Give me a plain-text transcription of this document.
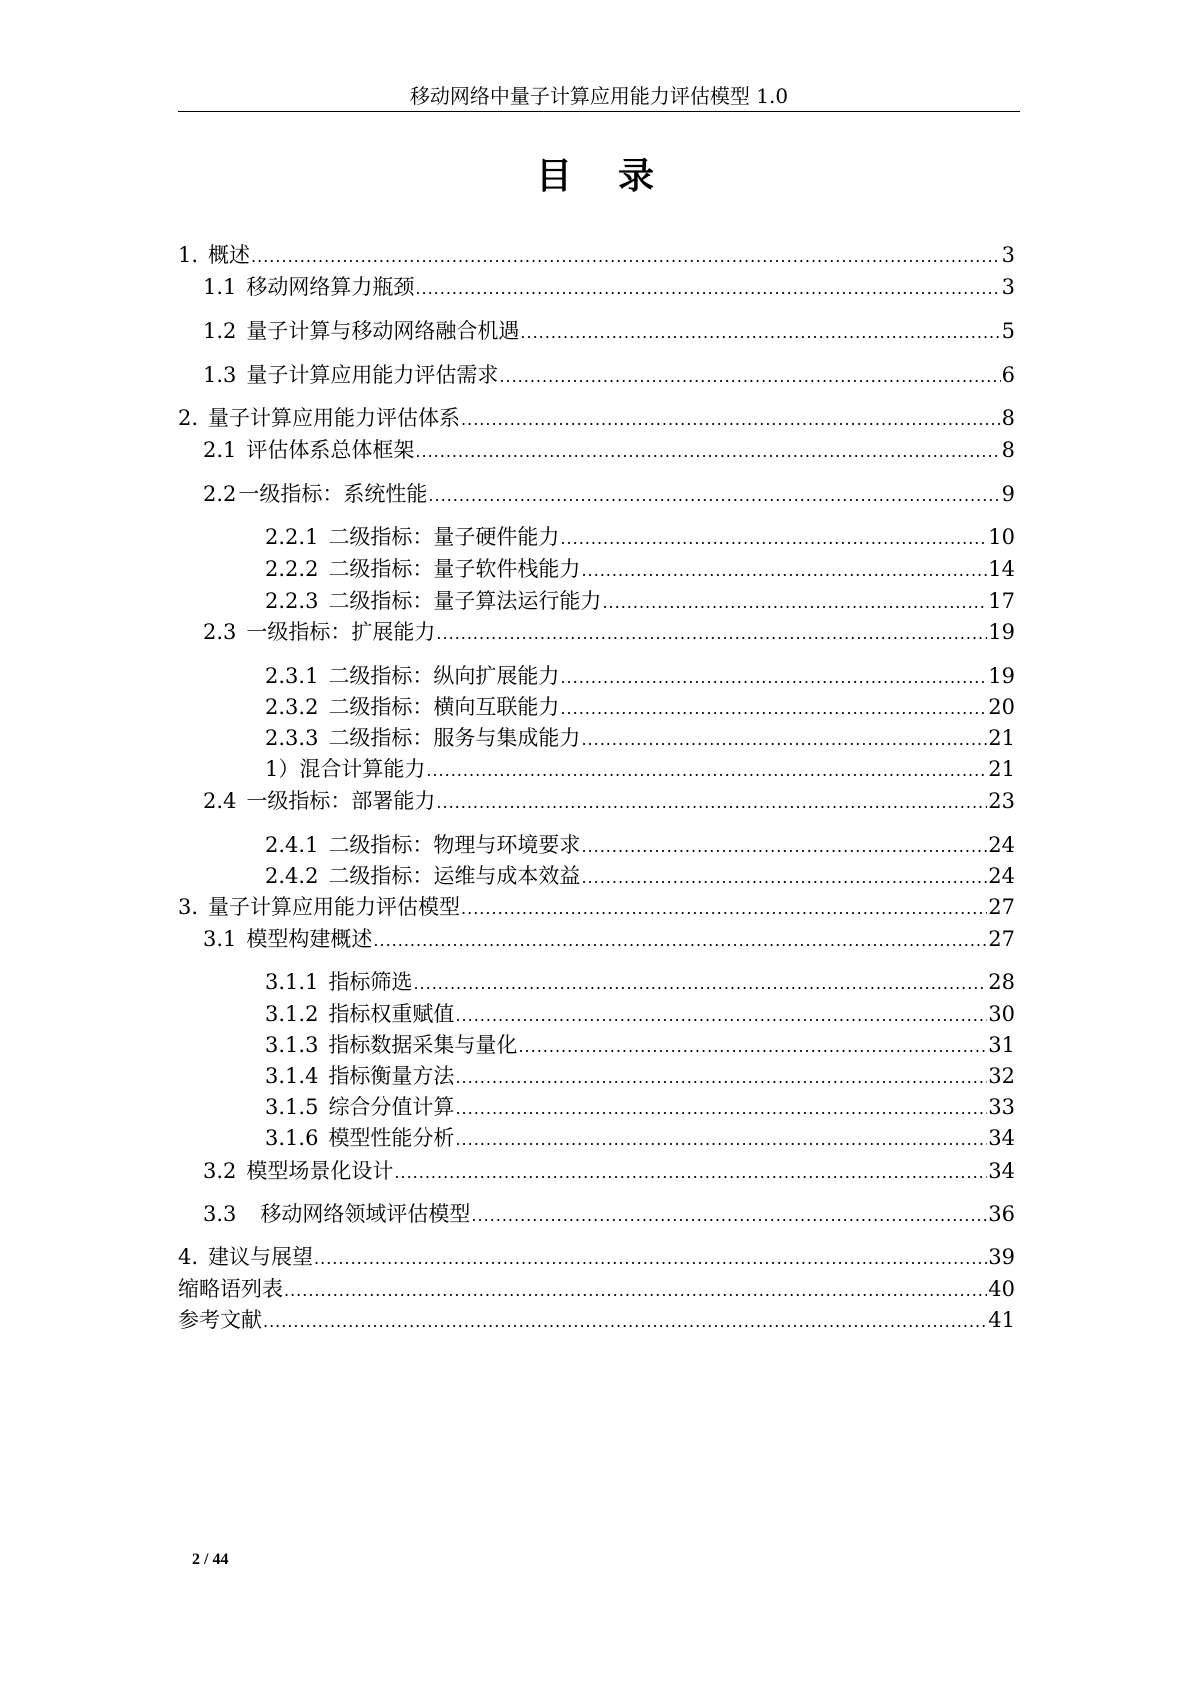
移动网络中量子计算应用能力评估模型 1.0
目 录
1. 概述 .....	3
1.1 移动网络算力瓶颈 .....	3
1.2 量子计算与移动网络融合机遇 .....	5
1.3 量子计算应用能力评估需求 .....	6
2. 量子计算应用能力评估体系 .....	8
2.1 评估体系总体框架 .....	8
2.2一级指标：系统性能 .....	9
2.2.1 二级指标：量子硬件能力 .....	10
2.2.2 二级指标：量子软件栈能力 .....	14
2.2.3 二级指标：量子算法运行能力 .....	17
2.3 一级指标：扩展能力 .....	19
2.3.1 二级指标：纵向扩展能力 .....	19
2.3.2 二级指标：横向互联能力 .....	20
2.3.3 二级指标：服务与集成能力 .....	21
1）混合计算能力 .....	21
2.4 一级指标：部署能力 .....	23
2.4.1 二级指标：物理与环境要求 .....	24
2.4.2 二级指标：运维与成本效益 .....	24
3. 量子计算应用能力评估模型 .....	27
3.1 模型构建概述 .....	27
3.1.1 指标筛选 .....	28
3.1.2 指标权重赋值 .....	30
3.1.3 指标数据采集与量化 .....	31
3.1.4 指标衡量方法 .....	32
3.1.5 综合分值计算 .....	33
3.1.6 模型性能分析 .....	34
3.2 模型场景化设计 .....	34
3.3 移动网络领域评估模型 .....	36
4. 建议与展望 .....	39
缩略语列表 .....	40
参考文献 .....	41
2 / 44
